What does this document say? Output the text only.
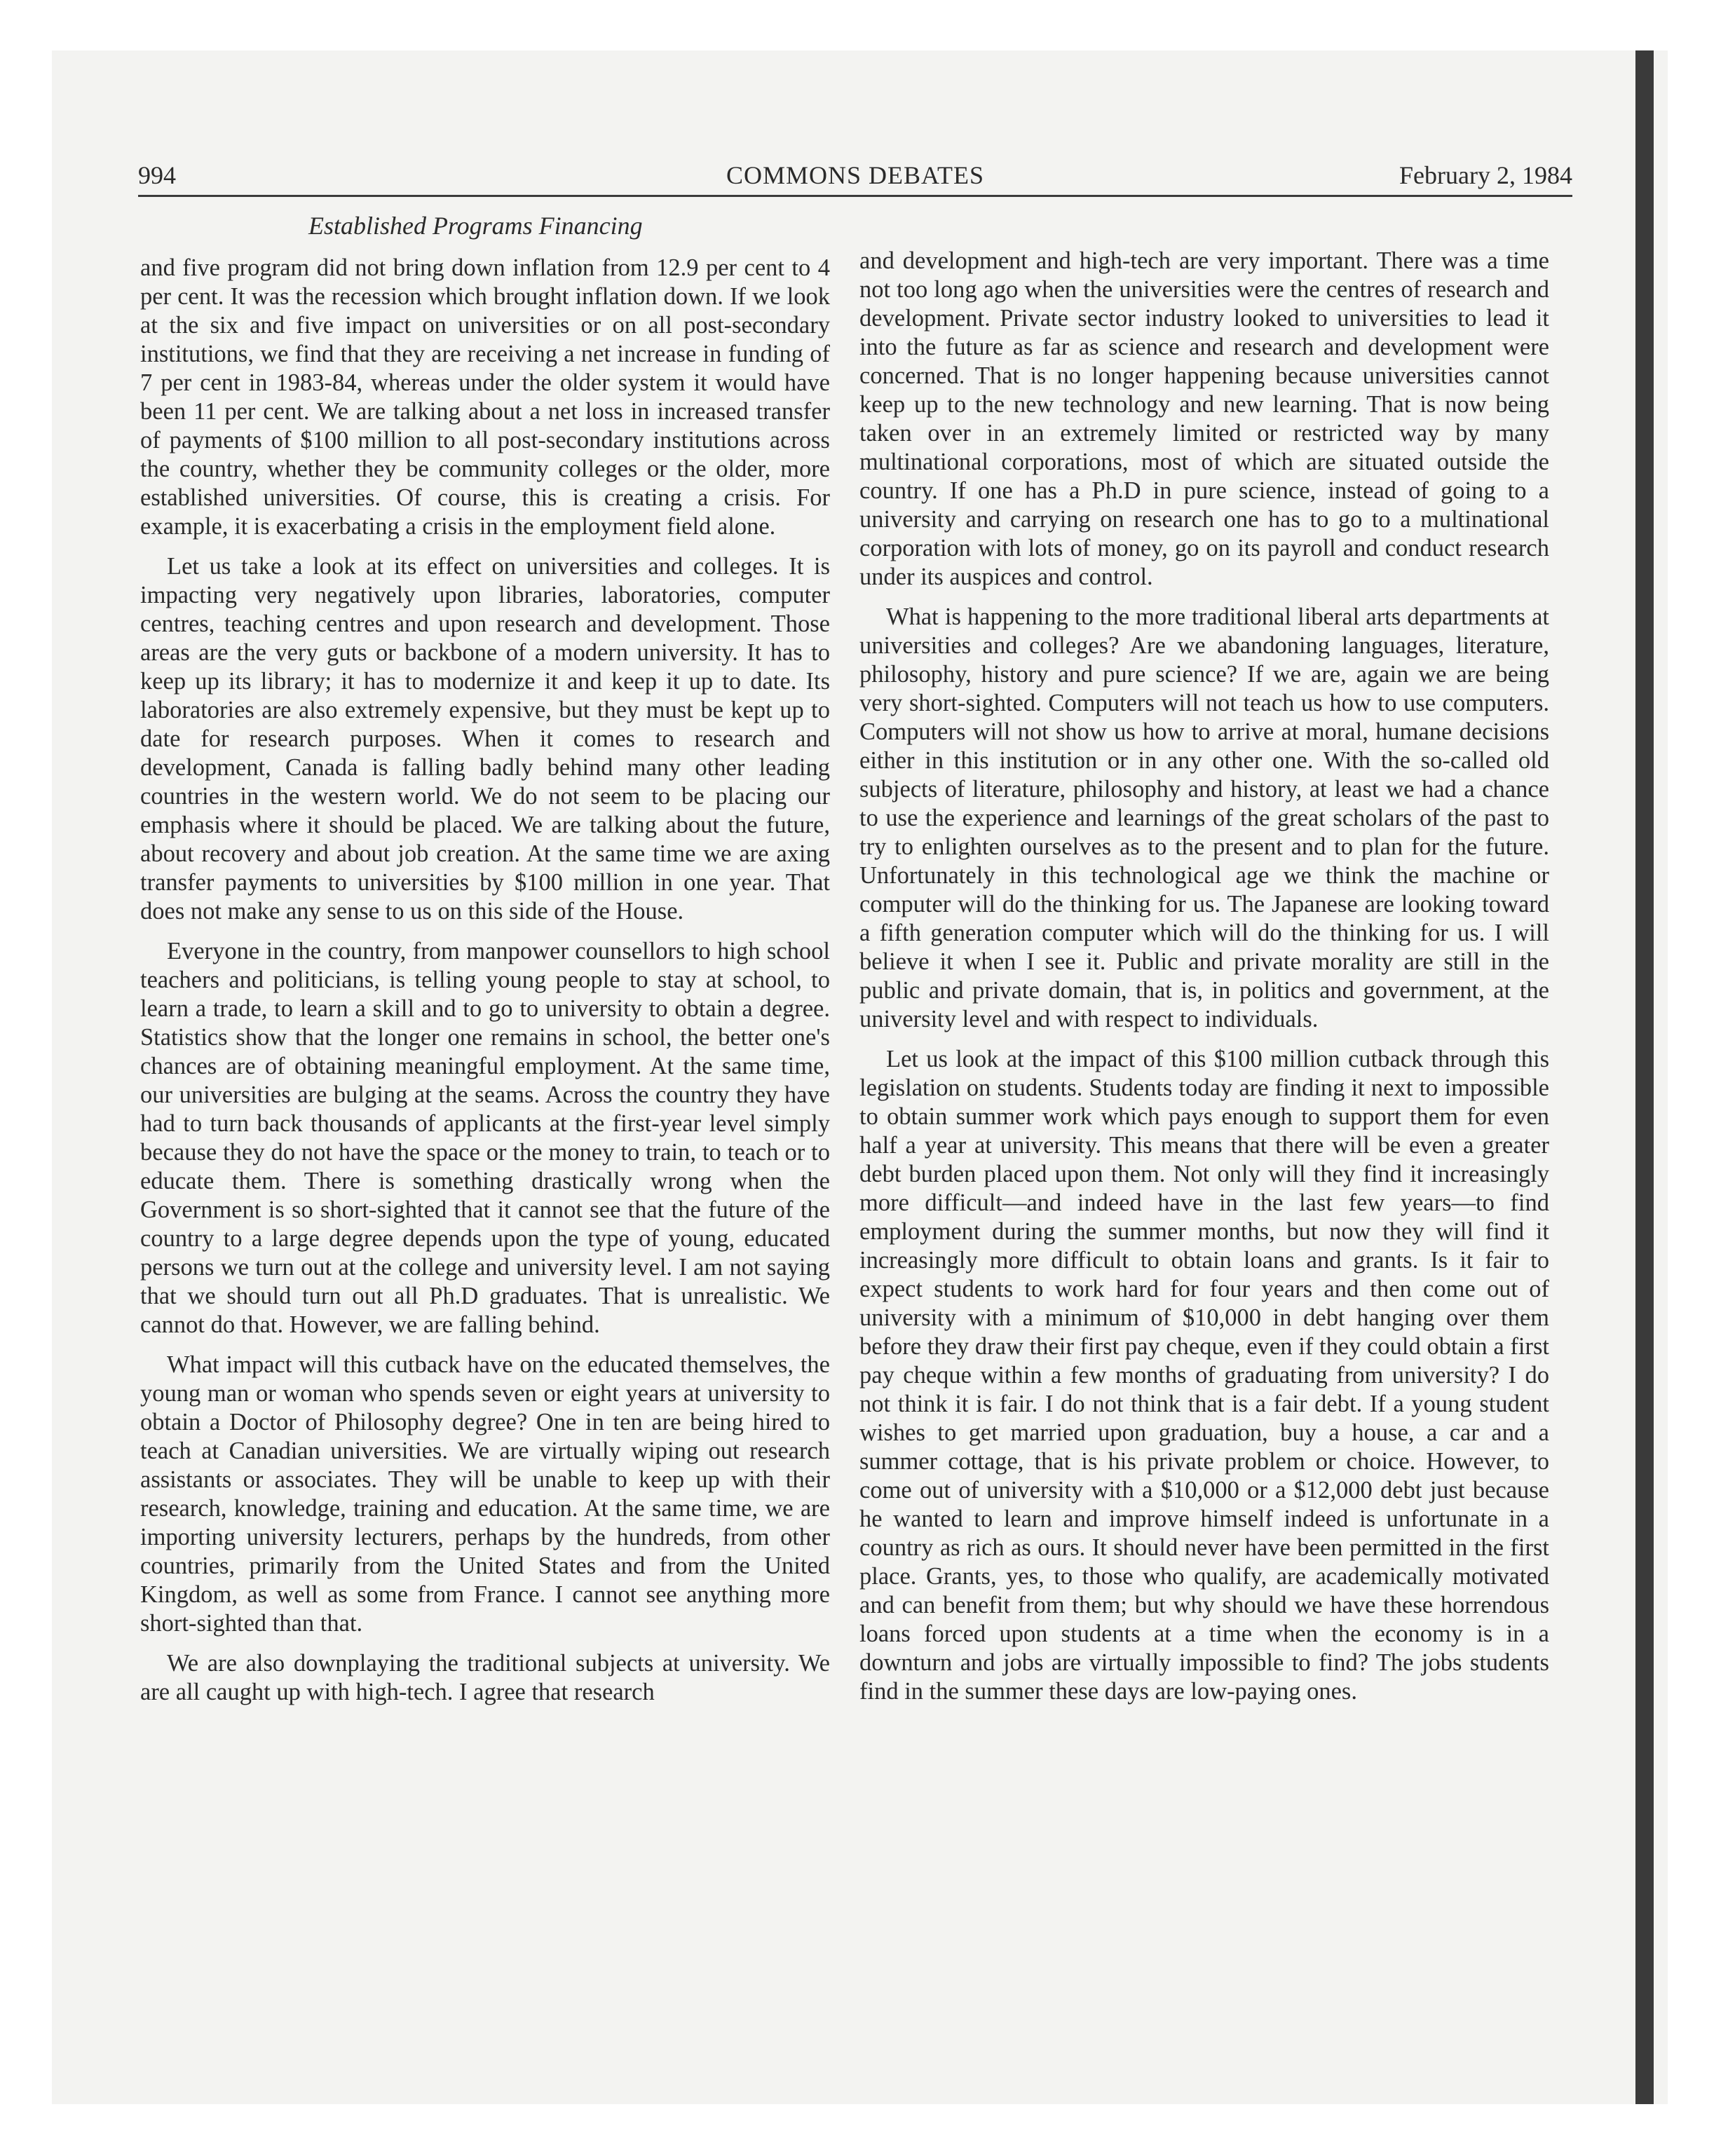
994	COMMONS DEBATES	February 2, 1984
Established Programs Financing

and five program did not bring down inflation from 12.9 per cent to 4 per cent. It was the recession which brought inflation down. If we look at the six and five impact on universities or on all post-secondary institutions, we find that they are receiving a net increase in funding of 7 per cent in 1983-84, whereas under the older system it would have been 11 per cent. We are talking about a net loss in increased transfer of payments of $100 million to all post-secondary institutions across the country, whether they be community colleges or the older, more established universities. Of course, this is creating a crisis. For example, it is exacerbating a crisis in the employment field alone.

Let us take a look at its effect on universities and colleges. It is impacting very negatively upon libraries, laboratories, computer centres, teaching centres and upon research and development. Those areas are the very guts or backbone of a modern university. It has to keep up its library; it has to modernize it and keep it up to date. Its laboratories are also extremely expensive, but they must be kept up to date for research purposes. When it comes to research and development, Canada is falling badly behind many other leading countries in the western world. We do not seem to be placing our emphasis where it should be placed. We are talking about the future, about recovery and about job creation. At the same time we are axing transfer payments to universities by $100 million in one year. That does not make any sense to us on this side of the House.

Everyone in the country, from manpower counsellors to high school teachers and politicians, is telling young people to stay at school, to learn a trade, to learn a skill and to go to university to obtain a degree. Statistics show that the longer one remains in school, the better one's chances are of obtaining meaningful employment. At the same time, our universities are bulging at the seams. Across the country they have had to turn back thousands of applicants at the first-year level simply because they do not have the space or the money to train, to teach or to educate them. There is something drastically wrong when the Government is so short-sighted that it cannot see that the future of the country to a large degree depends upon the type of young, educated persons we turn out at the college and university level. I am not saying that we should turn out all Ph.D graduates. That is unrealistic. We cannot do that. However, we are falling behind.

What impact will this cutback have on the educated themselves, the young man or woman who spends seven or eight years at university to obtain a Doctor of Philosophy degree? One in ten are being hired to teach at Canadian universities. We are virtually wiping out research assistants or associates. They will be unable to keep up with their research, knowledge, training and education. At the same time, we are importing university lecturers, perhaps by the hundreds, from other countries, primarily from the United States and from the United Kingdom, as well as some from France. I cannot see anything more short-sighted than that.

We are also downplaying the traditional subjects at university. We are all caught up with high-tech. I agree that research

and development and high-tech are very important. There was a time not too long ago when the universities were the centres of research and development. Private sector industry looked to universities to lead it into the future as far as science and research and development were concerned. That is no longer happening because universities cannot keep up to the new technology and new learning. That is now being taken over in an extremely limited or restricted way by many multinational corporations, most of which are situated outside the country. If one has a Ph.D in pure science, instead of going to a university and carrying on research one has to go to a multinational corporation with lots of money, go on its payroll and conduct research under its auspices and control.

What is happening to the more traditional liberal arts departments at universities and colleges? Are we abandoning languages, literature, philosophy, history and pure science? If we are, again we are being very short-sighted. Computers will not teach us how to use computers. Computers will not show us how to arrive at moral, humane decisions either in this institution or in any other one. With the so-called old subjects of literature, philosophy and history, at least we had a chance to use the experience and learnings of the great scholars of the past to try to enlighten ourselves as to the present and to plan for the future. Unfortunately in this technological age we think the machine or computer will do the thinking for us. The Japanese are looking toward a fifth generation computer which will do the thinking for us. I will believe it when I see it. Public and private morality are still in the public and private domain, that is, in politics and government, at the university level and with respect to individuals.

Let us look at the impact of this $100 million cutback through this legislation on students. Students today are finding it next to impossible to obtain summer work which pays enough to support them for even half a year at university. This means that there will be even a greater debt burden placed upon them. Not only will they find it increasingly more difficult—and indeed have in the last few years—to find employment during the summer months, but now they will find it increasingly more difficult to obtain loans and grants. Is it fair to expect students to work hard for four years and then come out of university with a minimum of $10,000 in debt hanging over them before they draw their first pay cheque, even if they could obtain a first pay cheque within a few months of graduating from university? I do not think it is fair. I do not think that is a fair debt. If a young student wishes to get married upon graduation, buy a house, a car and a summer cottage, that is his private problem or choice. However, to come out of university with a $10,000 or a $12,000 debt just because he wanted to learn and improve himself indeed is unfortunate in a country as rich as ours. It should never have been permitted in the first place. Grants, yes, to those who qualify, are academically motivated and can benefit from them; but why should we have these horrendous loans forced upon students at a time when the economy is in a downturn and jobs are virtually impossible to find? The jobs students find in the summer these days are low-paying ones.
